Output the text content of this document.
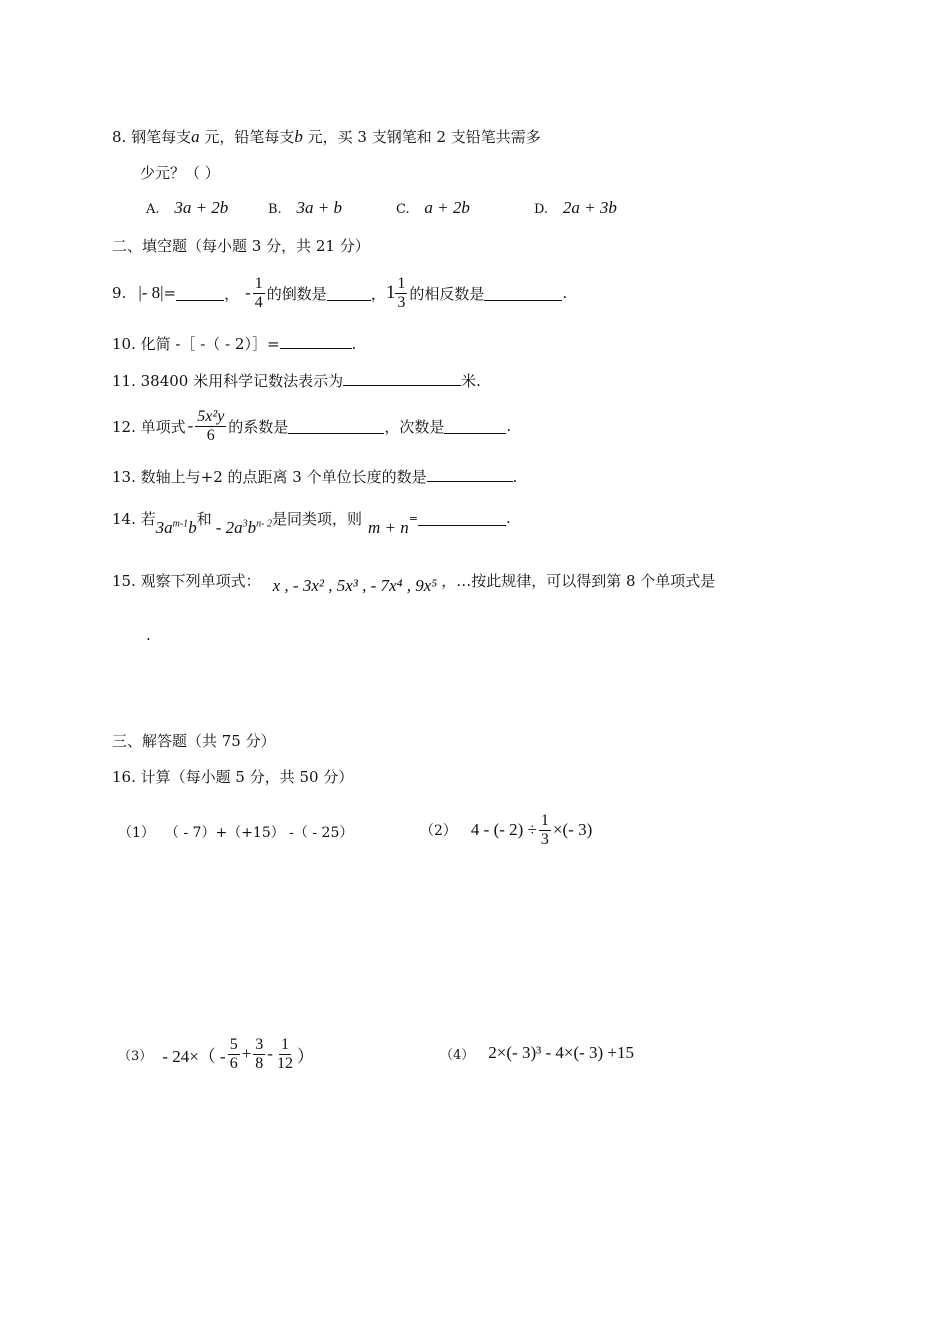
8. 钢笔每支a 元，铅笔每支b 元，买 3 支钢笔和 2 支铅笔共需多
少元？（ ）
A. 3a + 2b	B. 3a + b	C. a + 2b	D. 2a + 3b
二、填空题（每小题 3 分，共 21 分）
9. |- 8| =	， - $\frac{1}{4}$ 的倒数是	， $1 \frac{1}{3}$ 的相反数是	.
10. 化简 -［ -（ - 2）］=	.
11. 38400 米用科学记数法表示为	米.
12. 单项式 - $\frac{\text{5x²y}}{6}$ 的系数是	，次数是	.
13. 数轴上与+2 的点距离 3 个单位长度的数是	.
14. 若 $3a^{m-1}b$ 和 - $2a^3b^{n- 2}$ 是同类项，则 m + n =	.
15. 观察下列单项式： x , - 3x² , 5x³ , - 7x⁴ , 9x⁵ ，…按此规律，可以得到第 8 个单项式是
.
三、解答题（共 75 分）
16. 计算（每小题 5 分，共 50 分）
（1） （ - 7）+（+15） -（ - 25）	（2） 4 - (- $2) \div \frac{1}{3}$ ×(- 3)
$(3) - 24\times( - \frac{5}{6} + \frac{3}{8} - \frac{1}{12}$ ）	（4） 2×(- 3)³ - 4×(- 3) +15
